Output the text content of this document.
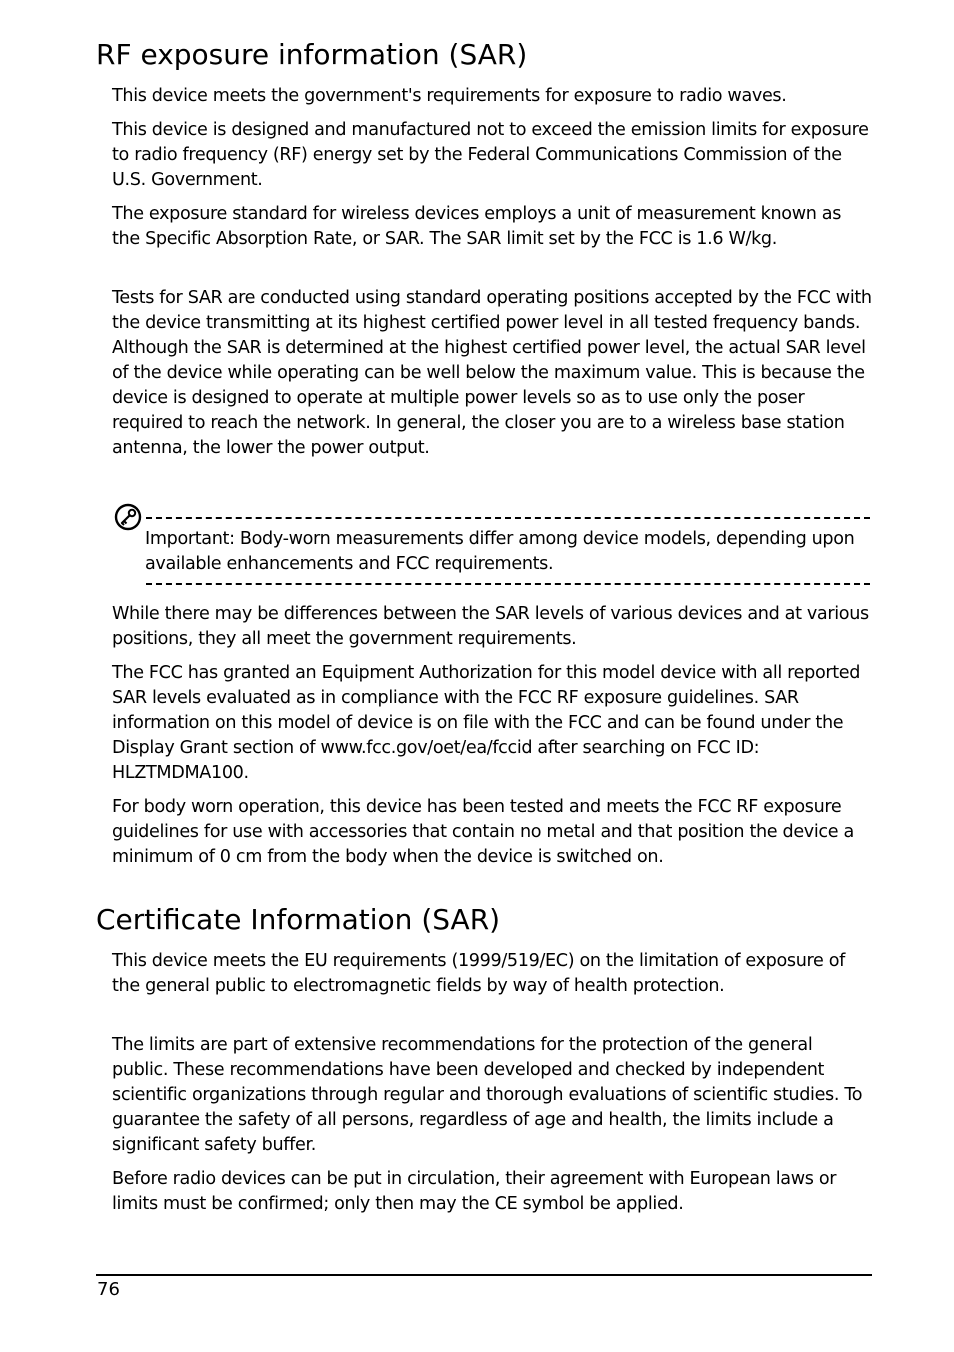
RF exposure information (SAR)

This device meets the government's requirements for exposure to radio waves.

This device is designed and manufactured not to exceed the emission limits for exposure to radio frequency (RF) energy set by the Federal Communications Commission of the U.S. Government.

The exposure standard for wireless devices employs a unit of measurement known as the Specific Absorption Rate, or SAR. The SAR limit set by the FCC is 1.6 W/kg.

Tests for SAR are conducted using standard operating positions accepted by the FCC with the device transmitting at its highest certified power level in all tested frequency bands. Although the SAR is determined at the highest certified power level, the actual SAR level of the device while operating can be well below the maximum value. This is because the device is designed to operate at multiple power levels so as to use only the poser required to reach the network. In general, the closer you are to a wireless base station antenna, the lower the power output.

Important: Body-worn measurements differ among device models, depending upon available enhancements and FCC requirements.

While there may be differences between the SAR levels of various devices and at various positions, they all meet the government requirements.

The FCC has granted an Equipment Authorization for this model device with all reported SAR levels evaluated as in compliance with the FCC RF exposure guidelines. SAR information on this model of device is on file with the FCC and can be found under the Display Grant section of www.fcc.gov/oet/ea/fccid after searching on FCC ID: HLZTMDMA100.

For body worn operation, this device has been tested and meets the FCC RF exposure guidelines for use with accessories that contain no metal and that position the device a minimum of 0 cm from the body when the device is switched on.

Certificate Information (SAR)

This device meets the EU requirements (1999/519/EC) on the limitation of exposure of the general public to electromagnetic fields by way of health protection.

The limits are part of extensive recommendations for the protection of the general public. These recommendations have been developed and checked by independent scientific organizations through regular and thorough evaluations of scientific studies. To guarantee the safety of all persons, regardless of age and health, the limits include a significant safety buffer.

Before radio devices can be put in circulation, their agreement with European laws or limits must be confirmed; only then may the CE symbol be applied.

76
